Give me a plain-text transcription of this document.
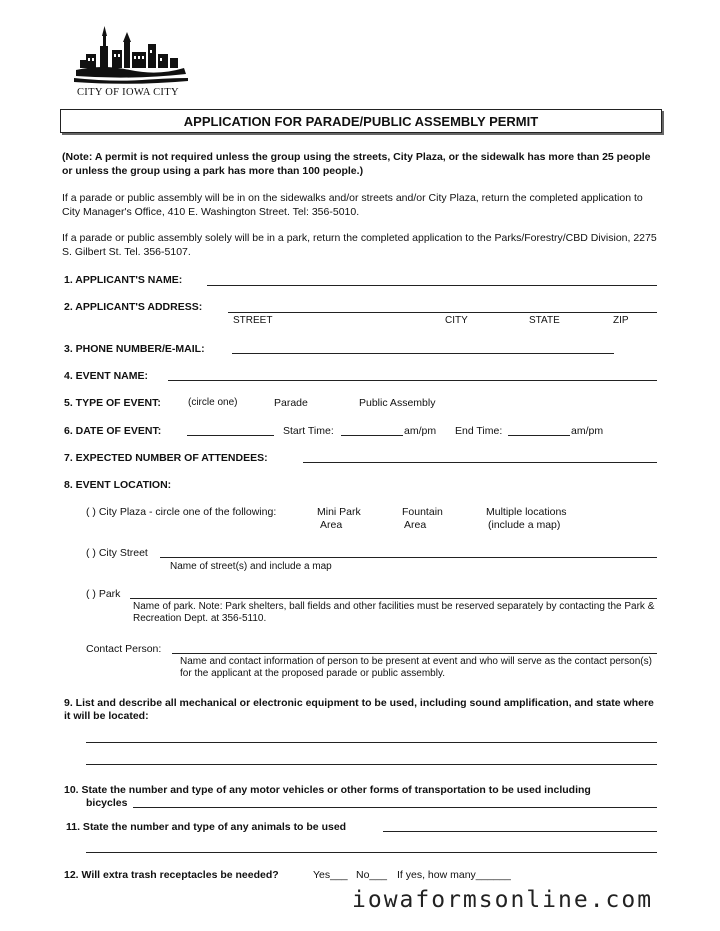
CITY OF IOWA CITY
APPLICATION FOR PARADE/PUBLIC ASSEMBLY PERMIT
(Note: A permit is not required unless the group using the streets, City Plaza, or the sidewalk has more than 25 people or unless the group using a park has more than 100 people.)
If a parade or public assembly will be in on the sidewalks and/or streets and/or City Plaza, return the completed application to City Manager's Office, 410 E. Washington Street. Tel: 356-5010.
If a parade or public assembly solely will be in a park, return the completed application to the Parks/Forestry/CBD Division, 2275 S. Gilbert St. Tel. 356-5107.
1. APPLICANT'S NAME:
2. APPLICANT'S ADDRESS:
STREET	CITY	STATE	ZIP
3. PHONE NUMBER/E-MAIL:
4. EVENT NAME:
5. TYPE OF EVENT:	(circle one)	Parade	Public Assembly
6. DATE OF EVENT:	Start Time:	am/pm End Time:	am/pm
7. EXPECTED NUMBER OF ATTENDEES:
8. EVENT LOCATION:
( ) City Plaza - circle one of the following:	Mini Park
Area
Fountain
Area
Multiple locations
(include a map)
( ) City Street
Name of street(s) and include a map
( ) Park
Name of park. Note: Park shelters, ball fields and other facilities must be reserved separately by contacting the Park & Recreation Dept. at 356-5110.
Contact Person:
Name and contact information of person to be present at event and who will serve as the contact person(s) for the applicant at the proposed parade or public assembly.
9. List and describe all mechanical or electronic equipment to be used, including sound amplification, and state where it will be located:
10. State the number and type of any motor vehicles or other forms of transportation to be used including
bicycles
11. State the number and type of any animals to be used
12. Will extra trash receptacles be needed?	Yes___ No___ If yes, how many______
iowaformsonline.com
